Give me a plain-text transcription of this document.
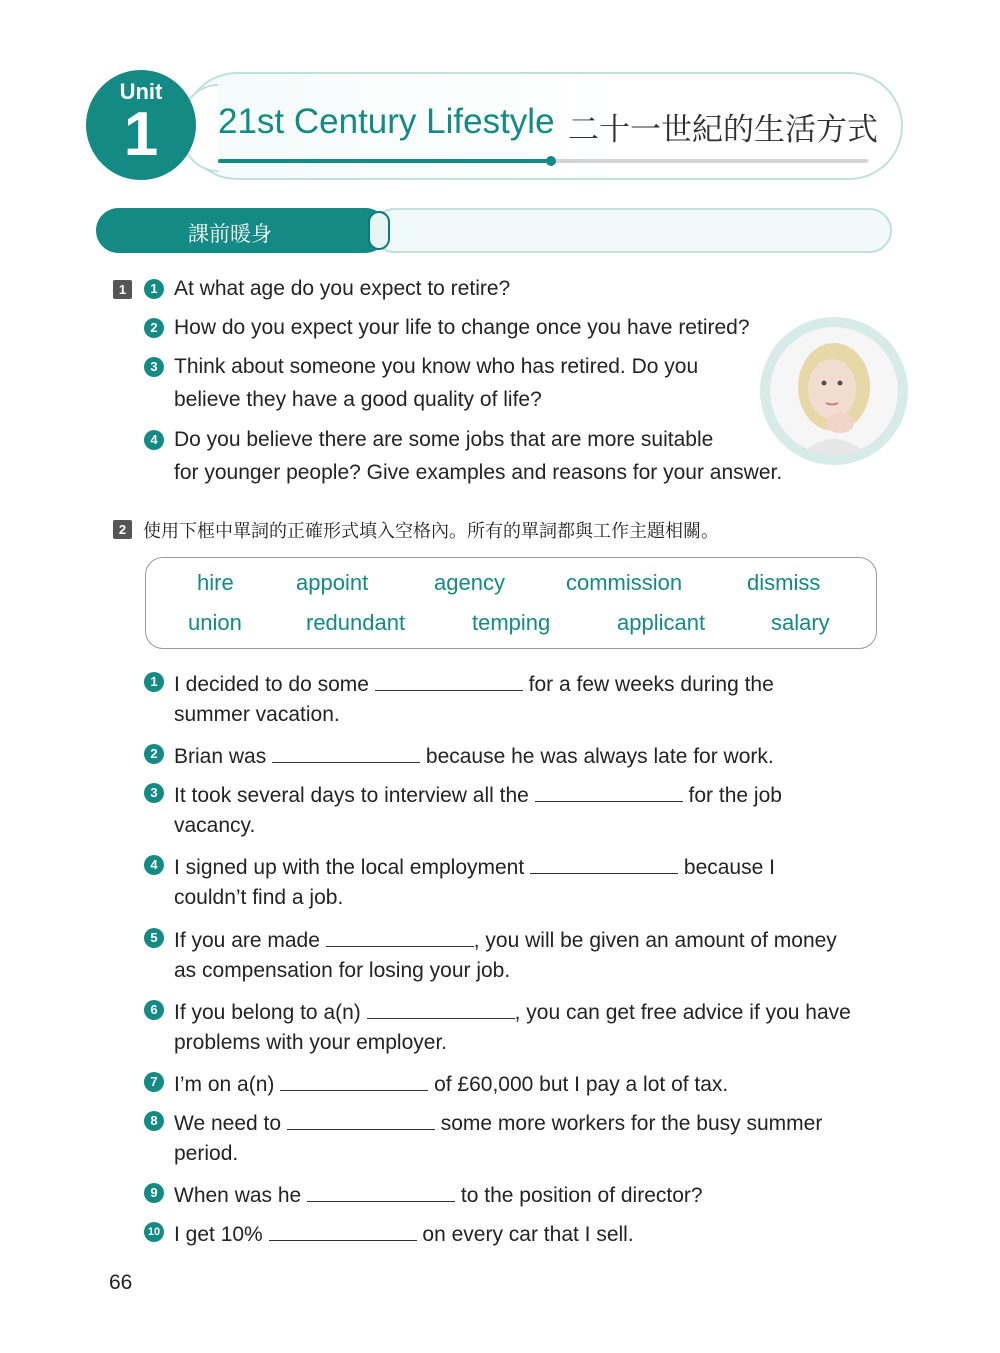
Unit
1	21st Century Lifestyle 二十一世紀的生活方式
課前暖身
1	1 At what age do you expect to retire?
2 How do you expect your life to change once you have retired?
3 Think about someone you know who has retired. Do you
believe they have a good quality of life?
4 Do you believe there are some jobs that are more suitable
for younger people? Give examples and reasons for your answer.
2 使用下框中單詞的正確形式填入空格內。所有的單詞都與工作主題相關。
hire	appoint	agency	commission	dismiss
union	redundant	temping	applicant	salary
1 I decided to do some	for a few weeks during the
summer vacation.
2 Brian was	because he was always late for work.
3 It took several days to interview all the	for the job
vacancy.
4 I signed up with the local employment	because I
couldn’t find a job.
5 If you are made	, you will be given an amount of money
as compensation for losing your job.
6 If you belong to a(n)	, you can get free advice if you have
problems with your employer.
7 I’m on a(n)	of £60,000 but I pay a lot of tax.
8 We need to	some more workers for the busy summer
period.
9 When was he	to the position of director?
10 I get 10%	on every car that I sell.
66
